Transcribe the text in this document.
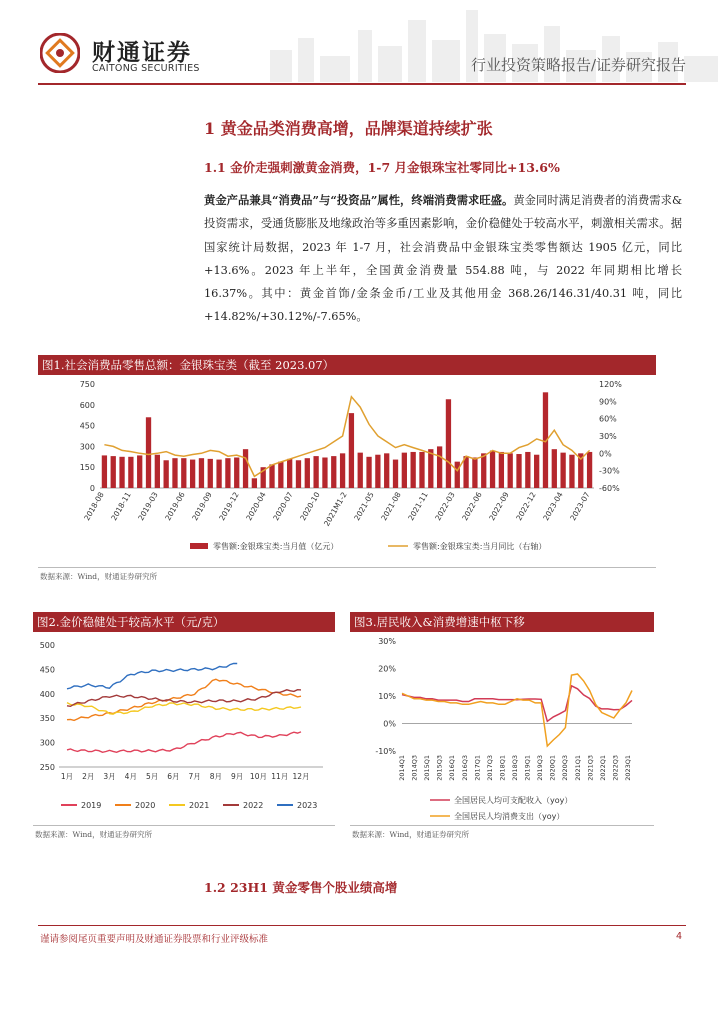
财通证券
CAITONG SECURITIES	行业投资策略报告/证券研究报告
1 黄金品类消费高增，品牌渠道持续扩张
1.1 金价走强刺激黄金消费，1-7 月金银珠宝社零同比+13.6%
黄金产品兼具“消费品”与“投资品”属性，终端消费需求旺盛。黄金同时满足消费者的消费需求&投资需求，受通货膨胀及地缘政治等多重因素影响，金价稳健处于较高水平，刺激相关需求。据国家统计局数据，2023 年 1-7 月，社会消费品中金银珠宝类零售额达 1905 亿元，同比+13.6%。2023 年上半年，全国黄金消费量 554.88 吨，与 2022 年同期相比增长 16.37%。其中：黄金首饰/金条金币/工业及其他用金 368.26/146.31/40.31 吨，同比+14.82%/+30.12%/-7.65%。
图1.社会消费品零售总额：金银珠宝类（截至 2023.07）
0
150
300
450
600
750	120%
90%
60%
30%
0%
-30%
-60%
2018-08 2018-11 2019-03 2019-06 2019-09 2019-12 2020-04 2020-07 2020-10 2021M1-2 2021-05 2021-08 2021-11 2022-03 2022-06 2022-09 2022-12 2023-04 2023-07
零售额:金银珠宝类:当月值（亿元）	零售额:金银珠宝类:当月同比（右轴）
数据来源：Wind，财通证券研究所
图2.金价稳健处于较高水平（元/克）
250
300
350
400
450
500
1月 2月 3月 4月 5月 6月 7月 8月 9月 10月 11月 12月
2019	2020	2021	2022	2023
数据来源：Wind，财通证券研究所
图3.居民收入&消费增速中枢下移
30%
20%
10%
0%
-10%
2014Q1 2014Q3 2015Q1 2015Q3 2016Q1 2016Q3 2017Q1 2017Q3 2018Q1 2018Q3 2019Q1 2019Q3 2020Q1 2020Q3 2021Q1 2021Q3 2022Q1 2022Q3 2023Q1
全国居民人均可支配收入（yoy）
全国居民人均消费支出（yoy）
数据来源：Wind，财通证券研究所
1.2 23H1 黄金零售个股业绩高增
谨请参阅尾页重要声明及财通证券股票和行业评级标准	4
